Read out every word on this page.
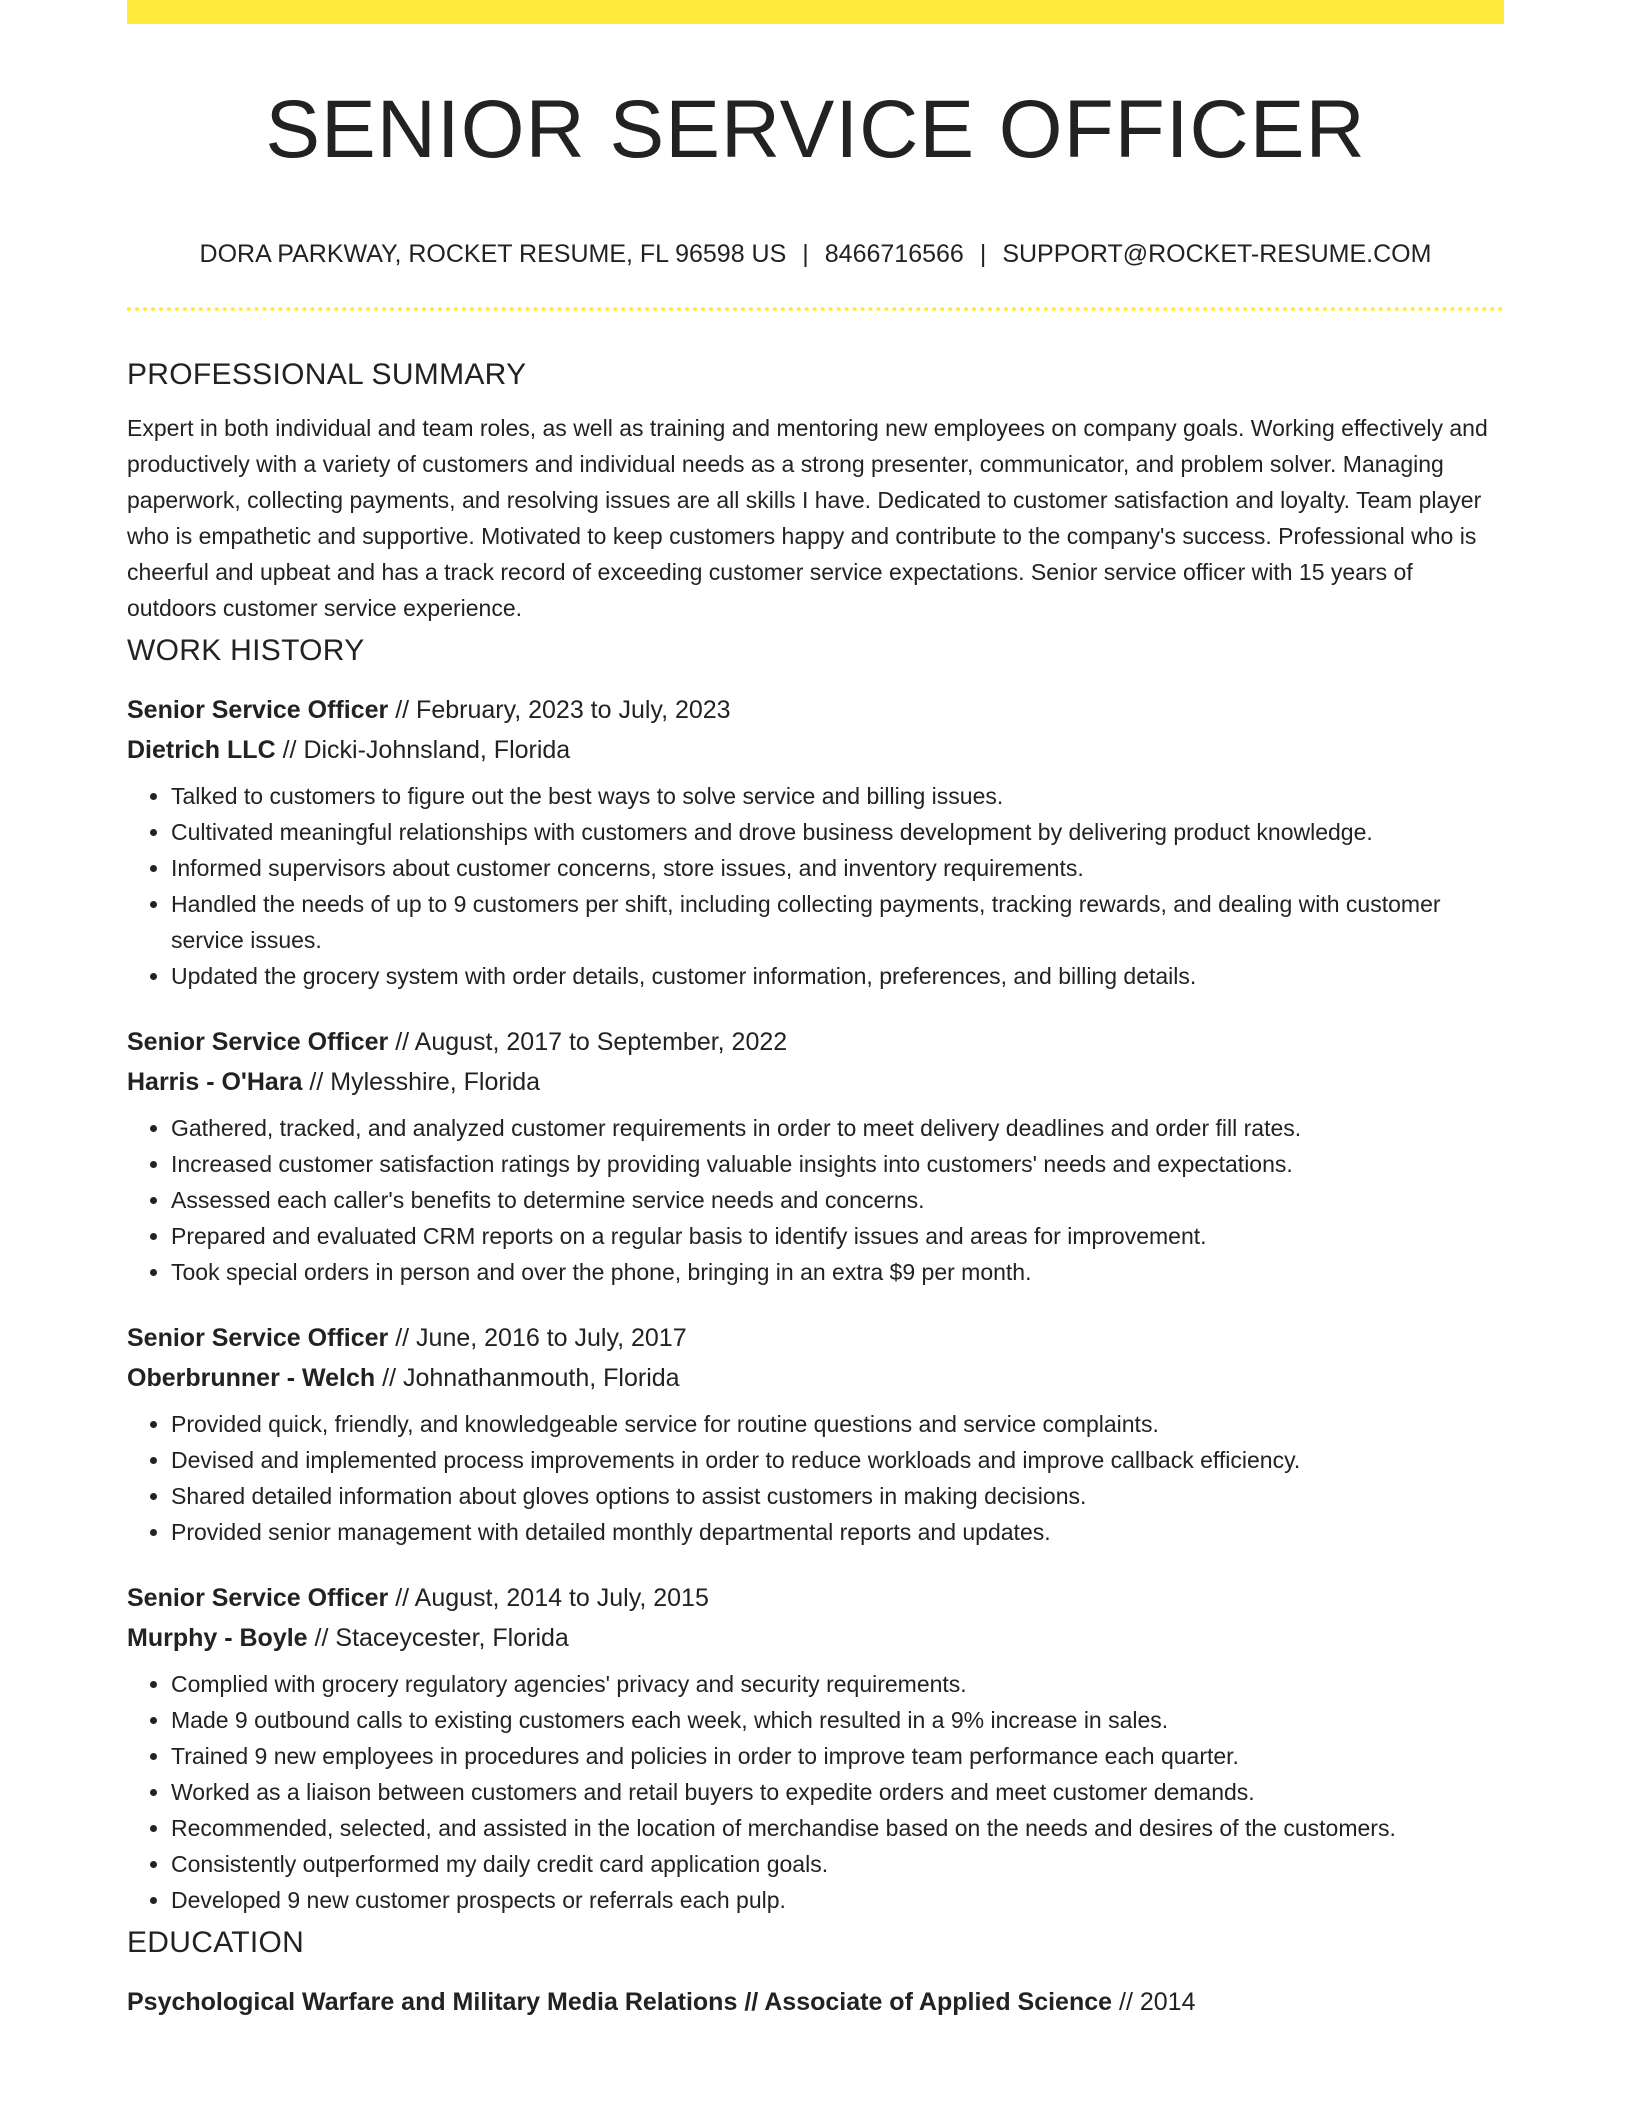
SENIOR SERVICE OFFICER
DORA PARKWAY, ROCKET RESUME, FL 96598 US | 8466716566 | SUPPORT@ROCKET-RESUME.COM
PROFESSIONAL SUMMARY

Expert in both individual and team roles, as well as training and mentoring new employees on company goals. Working effectively and productively with a variety of customers and individual needs as a strong presenter, communicator, and problem solver. Managing paperwork, collecting payments, and resolving issues are all skills I have. Dedicated to customer satisfaction and loyalty. Team player who is empathetic and supportive. Motivated to keep customers happy and contribute to the company's success. Professional who is cheerful and upbeat and has a track record of exceeding customer service expectations. Senior service officer with 15 years of outdoors customer service experience.

WORK HISTORY
Senior Service Officer // February, 2023 to July, 2023
Dietrich LLC // Dicki-Johnsland, Florida
• Talked to customers to figure out the best ways to solve service and billing issues.
• Cultivated meaningful relationships with customers and drove business development by delivering product knowledge.
• Informed supervisors about customer concerns, store issues, and inventory requirements.
• Handled the needs of up to 9 customers per shift, including collecting payments, tracking rewards, and dealing with customer service issues.
• Updated the grocery system with order details, customer information, preferences, and billing details.
Senior Service Officer // August, 2017 to September, 2022
Harris - O'Hara // Mylesshire, Florida
• Gathered, tracked, and analyzed customer requirements in order to meet delivery deadlines and order fill rates.
• Increased customer satisfaction ratings by providing valuable insights into customers' needs and expectations.
• Assessed each caller's benefits to determine service needs and concerns.
• Prepared and evaluated CRM reports on a regular basis to identify issues and areas for improvement.
• Took special orders in person and over the phone, bringing in an extra $9 per month.
Senior Service Officer // June, 2016 to July, 2017
Oberbrunner - Welch // Johnathanmouth, Florida
• Provided quick, friendly, and knowledgeable service for routine questions and service complaints.
• Devised and implemented process improvements in order to reduce workloads and improve callback efficiency.
• Shared detailed information about gloves options to assist customers in making decisions.
• Provided senior management with detailed monthly departmental reports and updates.
Senior Service Officer // August, 2014 to July, 2015
Murphy - Boyle // Staceycester, Florida
• Complied with grocery regulatory agencies' privacy and security requirements.
• Made 9 outbound calls to existing customers each week, which resulted in a 9% increase in sales.
• Trained 9 new employees in procedures and policies in order to improve team performance each quarter.
• Worked as a liaison between customers and retail buyers to expedite orders and meet customer demands.
• Recommended, selected, and assisted in the location of merchandise based on the needs and desires of the customers.
• Consistently outperformed my daily credit card application goals.
• Developed 9 new customer prospects or referrals each pulp.
EDUCATION
Psychological Warfare and Military Media Relations // Associate of Applied Science // 2014
